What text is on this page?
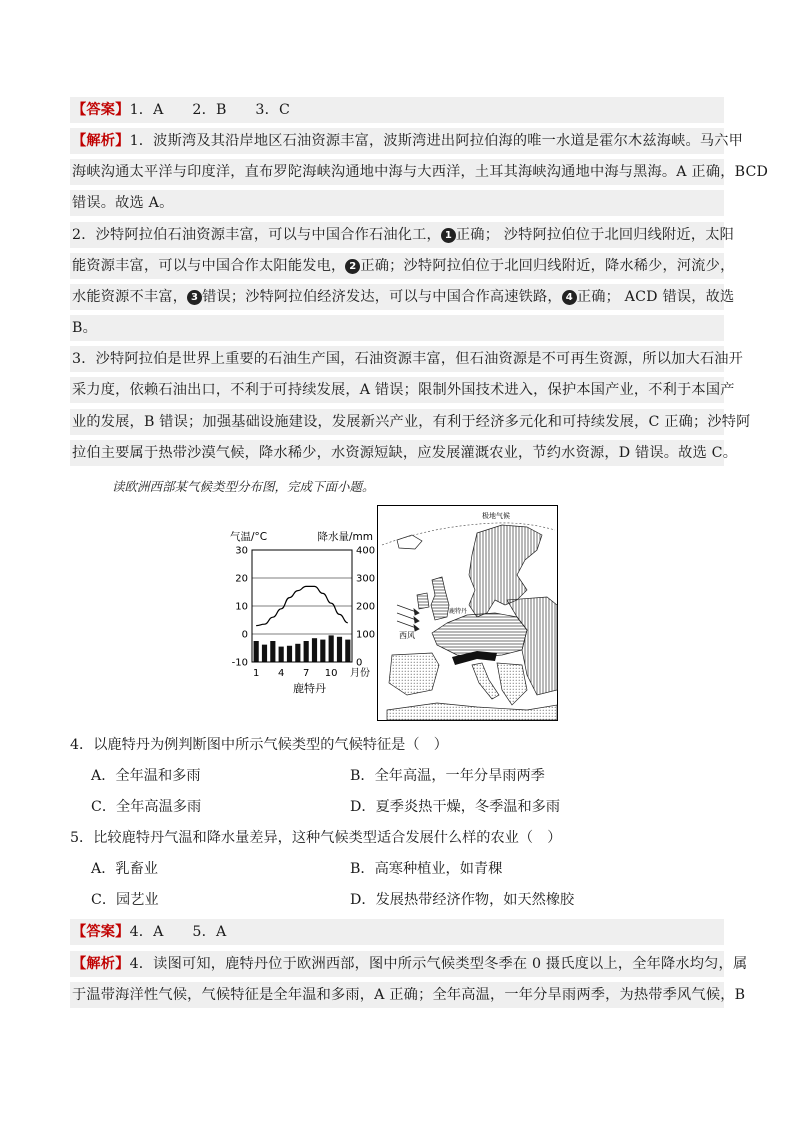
【答案】1．A　　2．B　　3．C
【解析】1．波斯湾及其沿岸地区石油资源丰富，波斯湾进出阿拉伯海的唯一水道是霍尔木兹海峡。马六甲
海峡沟通太平洋与印度洋，直布罗陀海峡沟通地中海与大西洋，土耳其海峡沟通地中海与黑海。A 正确，BCD
错误。故选 A。
2．沙特阿拉伯石油资源丰富，可以与中国合作石油化工， 1 正确； 沙特阿拉伯位于北回归线附近，太阳
能资源丰富，可以与中国合作太阳能发电， 2 正确；沙特阿拉伯位于北回归线附近，降水稀少，河流少，
水能资源不丰富， 3 错误；沙特阿拉伯经济发达，可以与中国合作高速铁路， 4 正确； ACD 错误，故选
B。
3．沙特阿拉伯是世界上重要的石油生产国，石油资源丰富，但石油资源是不可再生资源，所以加大石油开
采力度，依赖石油出口，不利于可持续发展，A 错误；限制外国技术进入，保护本国产业，不利于本国产
业的发展，B 错误；加强基础设施建设，发展新兴产业，有利于经济多元化和可持续发展，C 正确；沙特阿
拉伯主要属于热带沙漠气候，降水稀少，水资源短缺，应发展灌溉农业，节约水资源，D 错误。故选 C。
读欧洲西部某气候类型分布图，完成下面小题。
气温/°C	降水量/mm
30
20
10
0
-10
400
300
200
100
0
1 4 7 10 月份
鹿特丹
极地气候
西风
鹿特丹
4．以鹿特丹为例判断图中所示气候类型的气候特征是（　）
A．全年温和多雨	B．全年高温，一年分旱雨两季
C．全年高温多雨	D．夏季炎热干燥，冬季温和多雨
5．比较鹿特丹气温和降水量差异，这种气候类型适合发展什么样的农业（　）
A．乳畜业	B．高寒种植业，如青稞
C．园艺业	D．发展热带经济作物，如天然橡胶
【答案】4．A　　5．A
【解析】4．读图可知，鹿特丹位于欧洲西部，图中所示气候类型冬季在 0 摄氏度以上，全年降水均匀，属
于温带海洋性气候，气候特征是全年温和多雨，A 正确；全年高温，一年分旱雨两季，为热带季风气候，B
